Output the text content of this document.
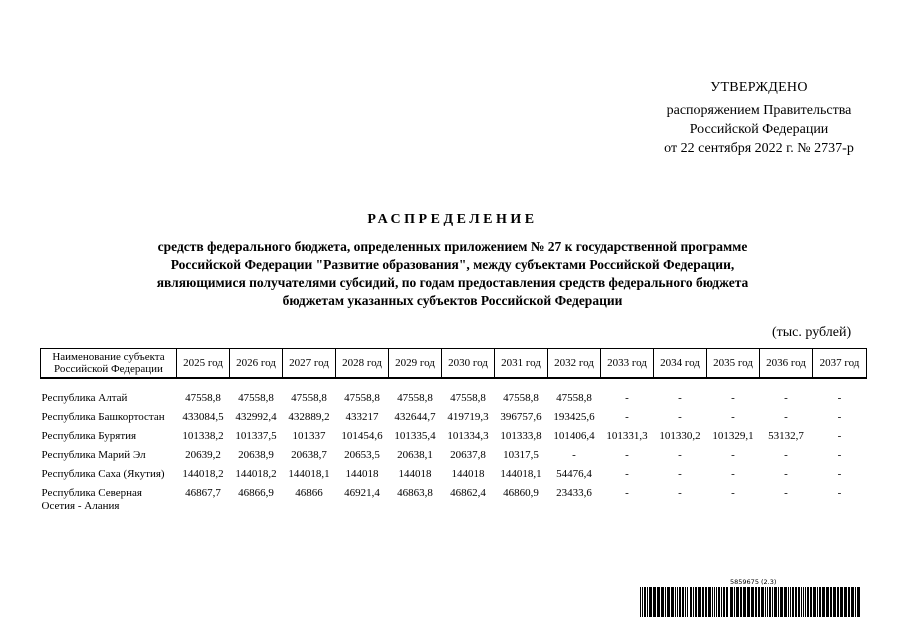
УТВЕРЖДЕНО
распоряжением Правительства
Российской Федерации
от 22 сентября 2022 г. № 2737-р
РАСПРЕДЕЛЕНИЕ
средств федерального бюджета, определенных приложением № 27 к государственной программе
Российской Федерации "Развитие образования", между субъектами Российской Федерации,
являющимися получателями субсидий, по годам предоставления средств федерального бюджета
бюджетам указанных субъектов Российской Федерации
(тыс. рублей)
Наименование субъекта
Российской Федерации	2025 год	2026 год	2027 год	2028 год	2029 год	2030 год	2031 год	2032 год	2033 год	2034 год	2035 год	2036 год	2037 год

Республика Алтай	47558,8	47558,8	47558,8	47558,8	47558,8	47558,8	47558,8	47558,8	-	-	-	-	-
Республика Башкортостан	433084,5	432992,4	432889,2	433217	432644,7	419719,3	396757,6	193425,6	-	-	-	-	-
Республика Бурятия	101338,2	101337,5	101337	101454,6	101335,4	101334,3	101333,8	101406,4	101331,3	101330,2	101329,1	53132,7	-
Республика Марий Эл	20639,2	20638,9	20638,7	20653,5	20638,1	20637,8	10317,5	-	-	-	-	-	-
Республика Саха (Якутия)	144018,2	144018,2	144018,1	144018	144018	144018	144018,1	54476,4	-	-	-	-	-
Республика Северная Осетия - Алания	46867,7	46866,9	46866	46921,4	46863,8	46862,4	46860,9	23433,6	-	-	-	-	-
5859675 (2.3)
